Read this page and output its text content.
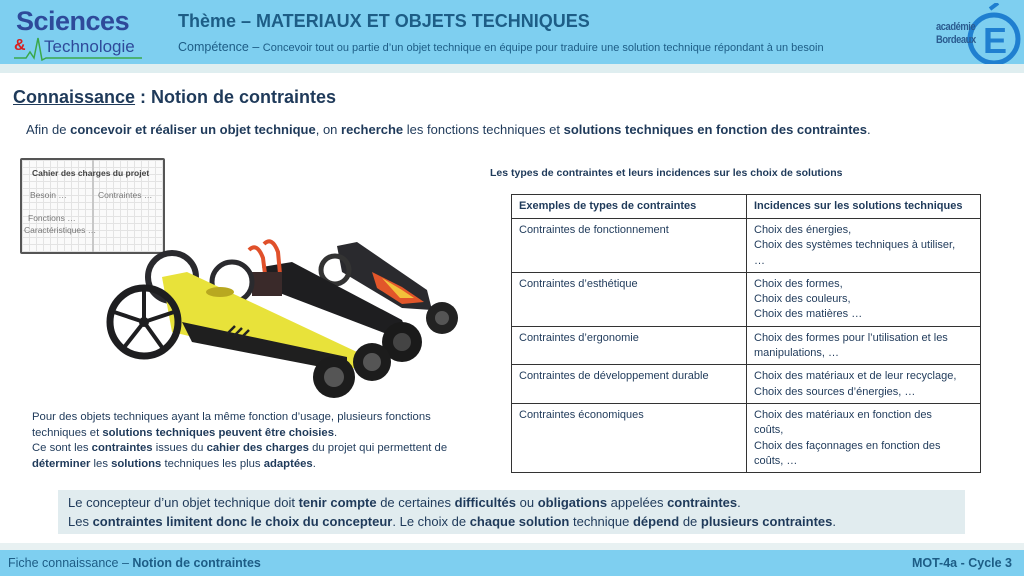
Sciences
& Technologie
Thème – MATERIAUX ET OBJETS TECHNIQUES
Compétence – Concevoir tout ou partie d’un objet technique en équipe pour traduire une solution technique répondant à un besoin	E
académie
Bordeaux
Connaissance : Notion de contraintes
Afin de concevoir et réaliser un objet technique, on recherche les fonctions techniques et solutions techniques en fonction des contraintes.
Cahier des charges du projet
Besoin …	Contraintes …
Fonctions …
Caractéristiques …
Pour des objets techniques ayant la même fonction d’usage, plusieurs fonctions techniques et solutions techniques peuvent être choisies.
Ce sont les contraintes issues du cahier des charges du projet qui permettent de déterminer les solutions techniques les plus adaptées.
Les types de contraintes et leurs incidences sur les choix de solutions
Exemples de types de contraintes	Incidences sur les solutions techniques
Contraintes de fonctionnement	Choix des énergies,
Choix des systèmes techniques à utiliser,
…

Contraintes d’esthétique	Choix des formes,
Choix des couleurs,
Choix des matières …

Contraintes d’ergonomie	Choix des formes pour l’utilisation et les
manipulations, …

Contraintes de développement durable	Choix des matériaux et de leur recyclage,
Choix des sources d’énergies, …

Contraintes économiques	Choix des matériaux en fonction des
coûts,
Choix des façonnages en fonction des
coûts, …
Le concepteur d’un objet technique doit tenir compte de certaines difficultés ou obligations appelées contraintes.
Les contraintes limitent donc le choix du concepteur. Le choix de chaque solution technique dépend de plusieurs contraintes.
Fiche connaissance – Notion de contraintes	MOT-4a - Cycle 3
